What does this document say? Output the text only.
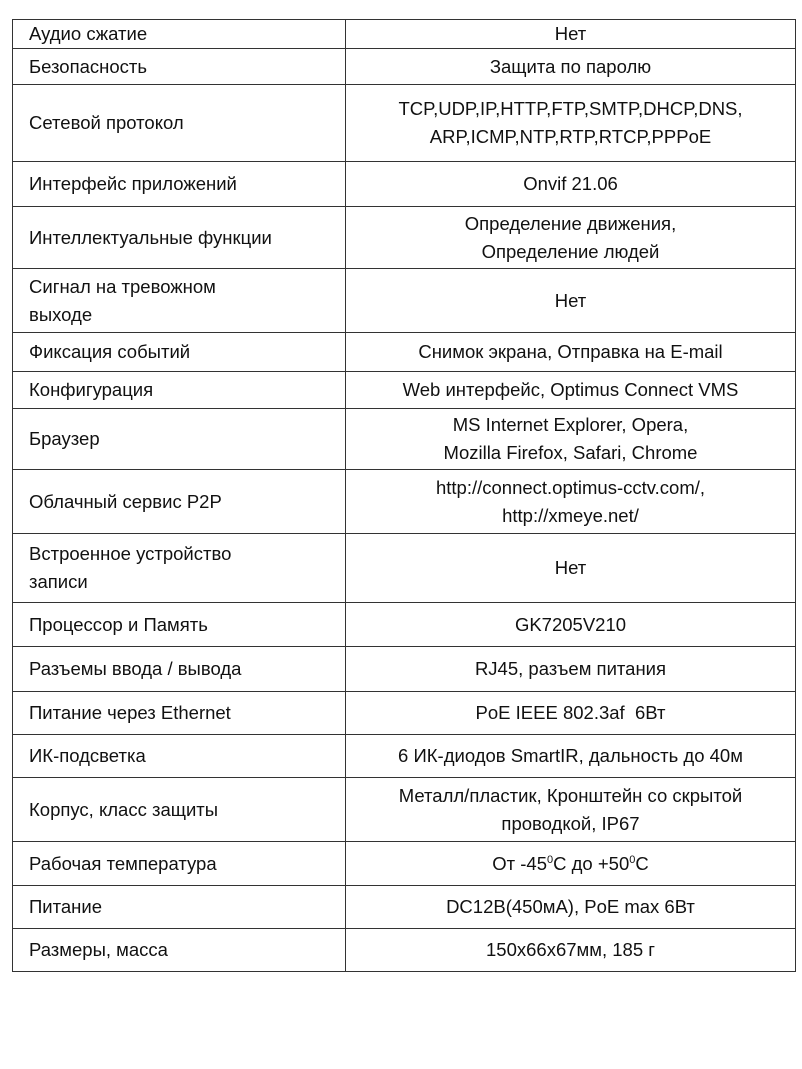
Аудио сжатие	Нет

Безопасность	Защита по паролю

Сетевой протокол	TCP,UDP,IP,HTTP,FTP,SMTP,DHCP,DNS,
ARP,ICMP,NTP,RTP,RTCP,PPPoE

Интерфейс приложений	Onvif 21.06

Интеллектуальные функции	Определение движения,
Определение людей

Сигнал на тревожном
выходе	Нет

Фиксация событий	Снимок экрана, Отправка на E-mail

Конфигурация	Web интерфейс, Optimus Connect VMS

Браузер	MS Internet Explorer, Opera,
Mozilla Firefox, Safari, Chrome

Облачный сервис P2P	http://connect.optimus-cctv.com/,
http://xmeye.net/

Встроенное устройство
записи	Нет

Процессор и Память	GK7205V210

Разъемы ввода / вывода	RJ45, разъем питания

Питание через Ethernet	PoE IEEE 802.3af  6Вт

ИК-подсветка	6 ИК-диодов SmartIR, дальность до 40м

Корпус, класс защиты	Металл/пластик, Кронштейн со скрытой
проводкой, IP67

Рабочая температура	От $-45^0С$ до $+50^0С$

Питание	DC12В(450мА), PoE max 6Вт

Размеры, масса	150x66x67мм, 185 г
